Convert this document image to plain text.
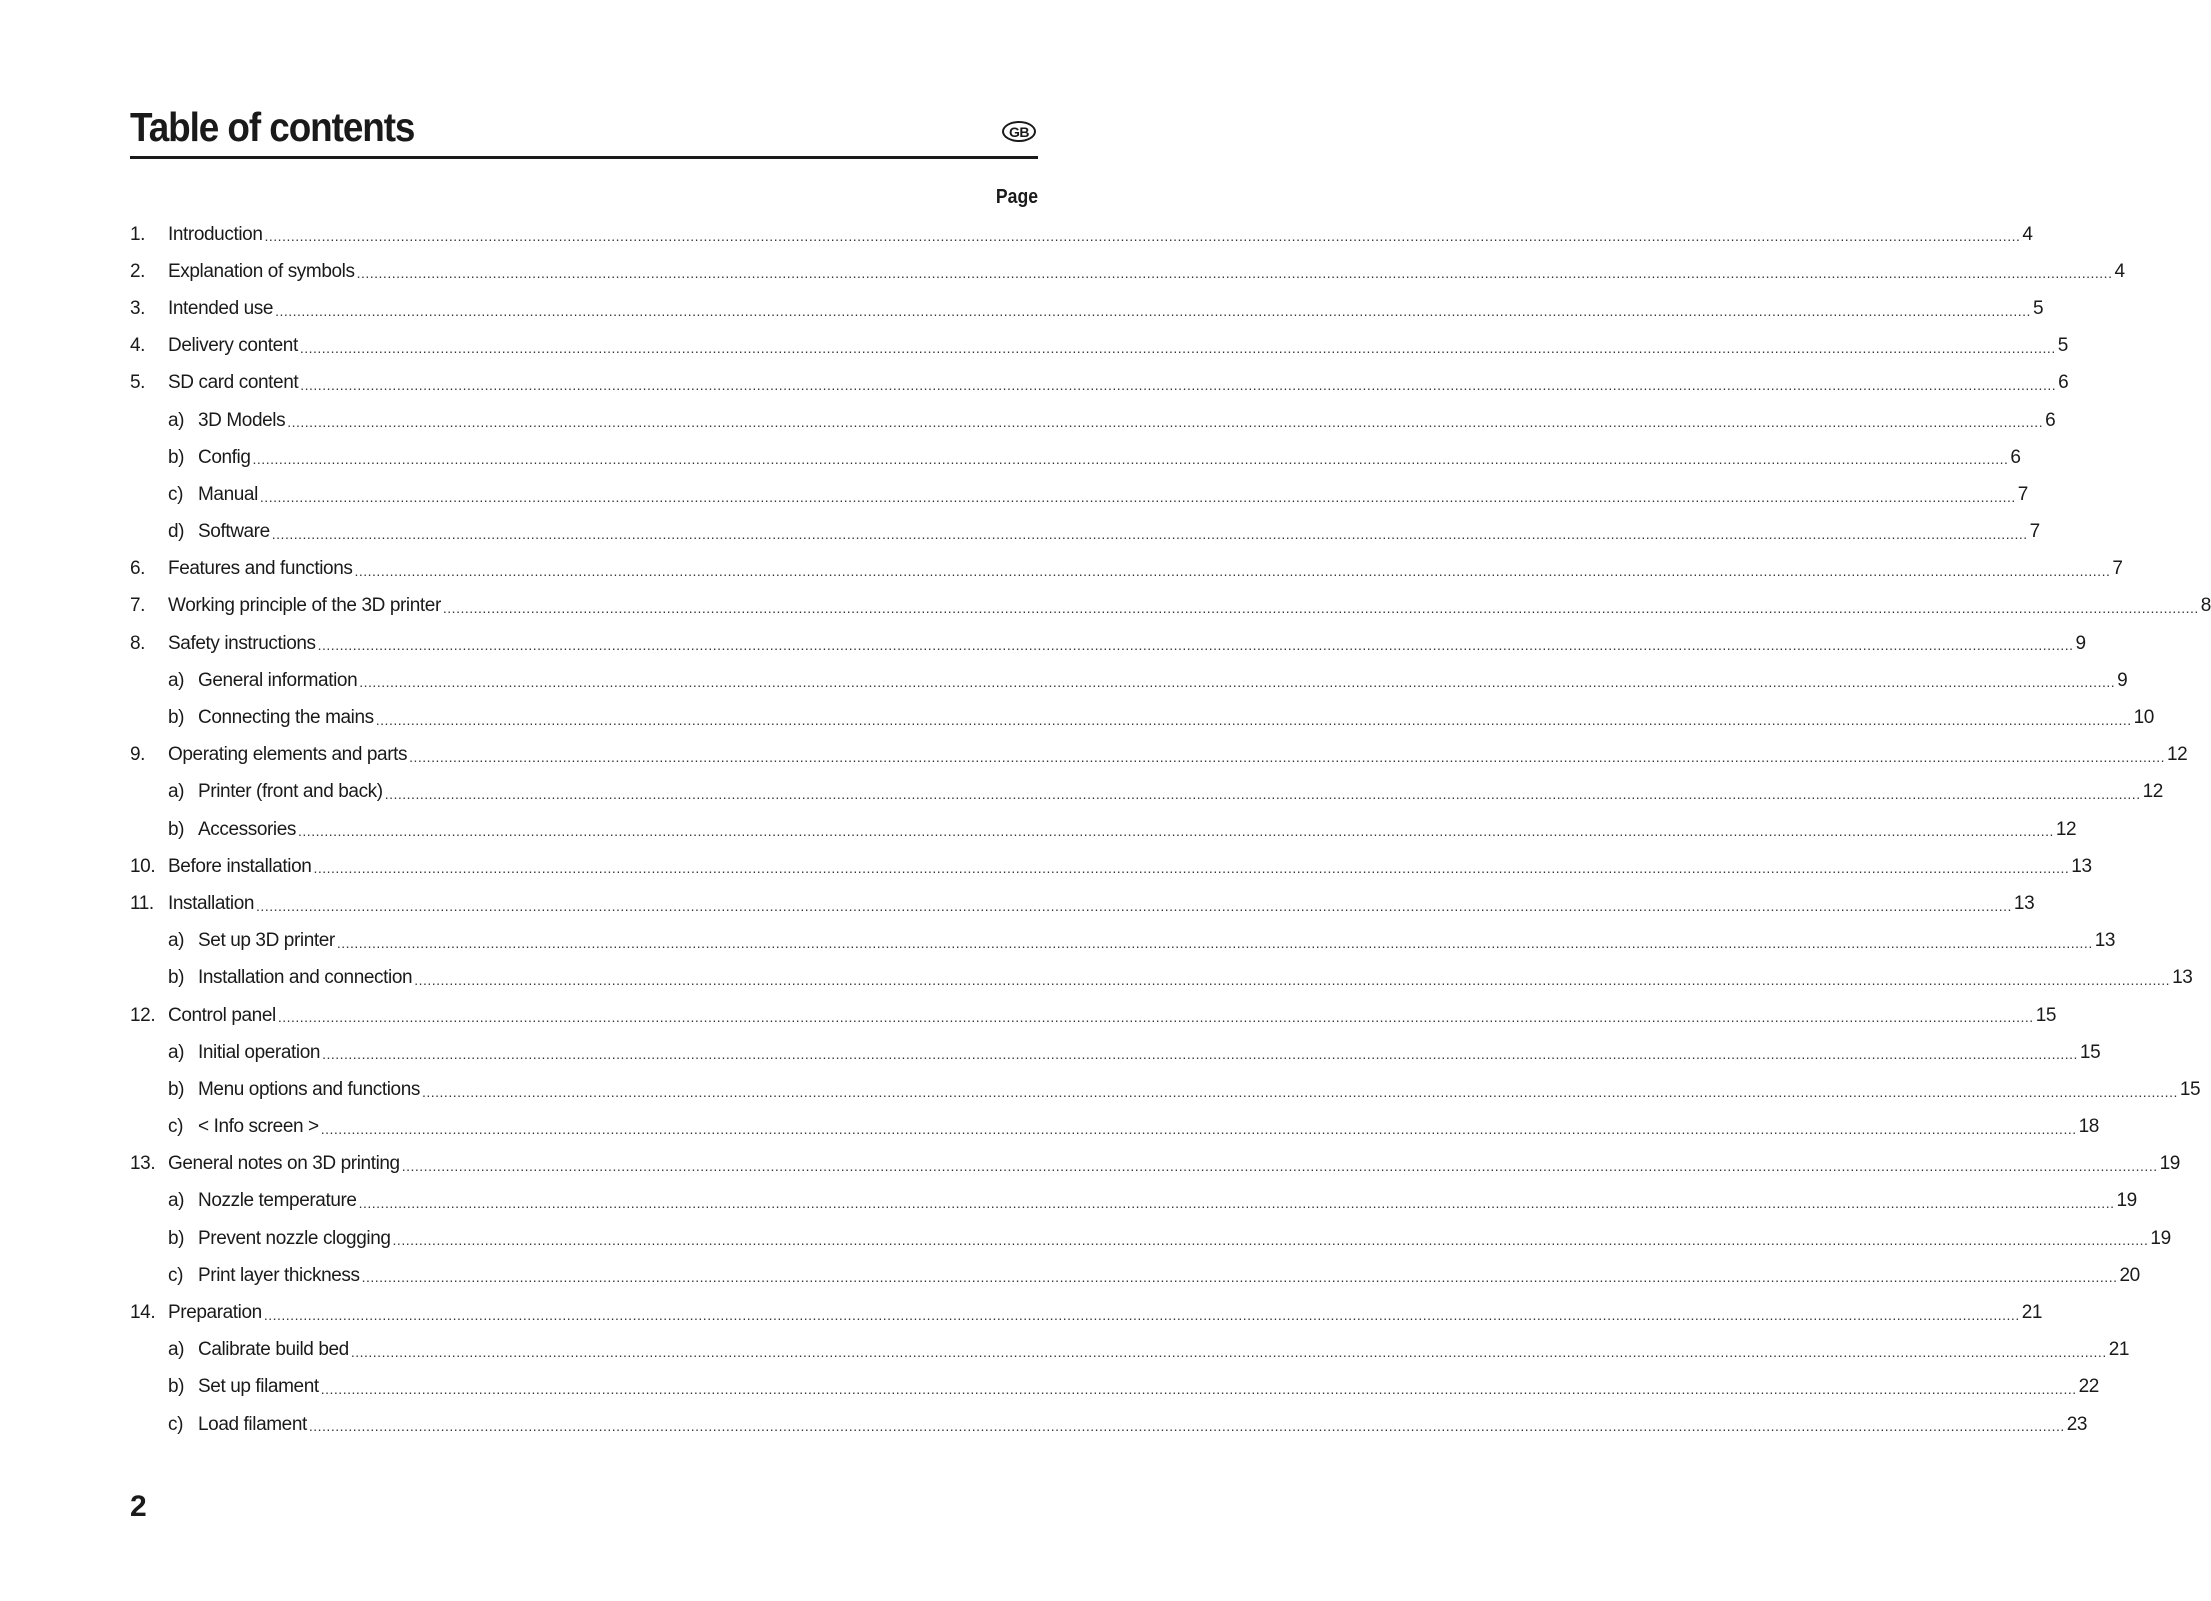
Table of contents	GB
Page
1.	Introduction ................................................................................................................................................................................................................................................................................................................................................................................................................ 4
2.	Explanation of symbols ................................................................................................................................................................................................................................................................................................................................................................................................................ 4
3.	Intended use ................................................................................................................................................................................................................................................................................................................................................................................................................ 5
4.	Delivery content ................................................................................................................................................................................................................................................................................................................................................................................................................ 5
5.	SD card content ................................................................................................................................................................................................................................................................................................................................................................................................................ 6
a) 3D Models ................................................................................................................................................................................................................................................................................................................................................................................................................ 6
b) Config ................................................................................................................................................................................................................................................................................................................................................................................................................ 6
c) Manual ................................................................................................................................................................................................................................................................................................................................................................................................................ 7
d) Software ................................................................................................................................................................................................................................................................................................................................................................................................................ 7
6.	Features and functions ................................................................................................................................................................................................................................................................................................................................................................................................................ 7
7.	Working principle of the 3D printer ................................................................................................................................................................................................................................................................................................................................................................................................................ 8
8.	Safety instructions ................................................................................................................................................................................................................................................................................................................................................................................................................ 9
a) General information ................................................................................................................................................................................................................................................................................................................................................................................................................ 9
b) Connecting the mains ................................................................................................................................................................................................................................................................................................................................................................................................................ 10
9.	Operating elements and parts ................................................................................................................................................................................................................................................................................................................................................................................................................ 12
a) Printer (front and back) ................................................................................................................................................................................................................................................................................................................................................................................................................ 12
b) Accessories ................................................................................................................................................................................................................................................................................................................................................................................................................ 12
10. Before installation ................................................................................................................................................................................................................................................................................................................................................................................................................ 13
11. Installation ................................................................................................................................................................................................................................................................................................................................................................................................................ 13
a) Set up 3D printer ................................................................................................................................................................................................................................................................................................................................................................................................................ 13
b) Installation and connection ................................................................................................................................................................................................................................................................................................................................................................................................................ 13
12. Control panel ................................................................................................................................................................................................................................................................................................................................................................................................................ 15
a) Initial operation ................................................................................................................................................................................................................................................................................................................................................................................................................ 15
b) Menu options and functions ................................................................................................................................................................................................................................................................................................................................................................................................................ 15
c) < Info screen > ................................................................................................................................................................................................................................................................................................................................................................................................................ 18
13. General notes on 3D printing ................................................................................................................................................................................................................................................................................................................................................................................................................ 19
a) Nozzle temperature ................................................................................................................................................................................................................................................................................................................................................................................................................ 19
b) Prevent nozzle clogging ................................................................................................................................................................................................................................................................................................................................................................................................................ 19
c) Print layer thickness ................................................................................................................................................................................................................................................................................................................................................................................................................ 20
14. Preparation ................................................................................................................................................................................................................................................................................................................................................................................................................ 21
a) Calibrate build bed ................................................................................................................................................................................................................................................................................................................................................................................................................ 21
b) Set up filament ................................................................................................................................................................................................................................................................................................................................................................................................................ 22
c) Load filament ................................................................................................................................................................................................................................................................................................................................................................................................................ 23
2
